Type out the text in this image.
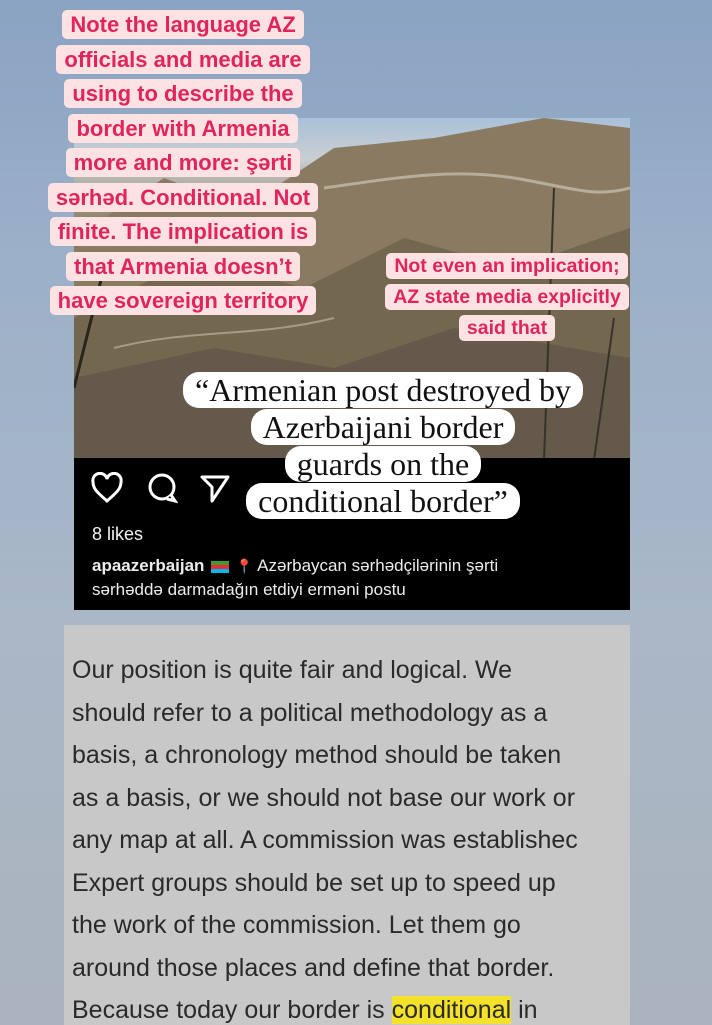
8 likes
apaazerbaijan 📍 Azərbaycan sərhədçilərinin şərti
sərhəddə darmadağın etdiyi erməni postu
Our position is quite fair and logical. We
should refer to a political methodology as a
basis, a chronology method should be taken
as a basis, or we should not base our work or
any map at all. A commission was establishec
Expert groups should be set up to speed up
the work of the commission. Let them go
around those places and define that border.
Because today our border is conditional in
Note the language AZ
officials and media are
using to describe the
border with Armenia
more and more: şərti
sərhəd. Conditional. Not
finite. The implication is
that Armenia doesn’t
have sovereign territory
Not even an implication;
AZ state media explicitly
said that
“Armenian post destroyed by
Azerbaijani border
guards on the
conditional border”
